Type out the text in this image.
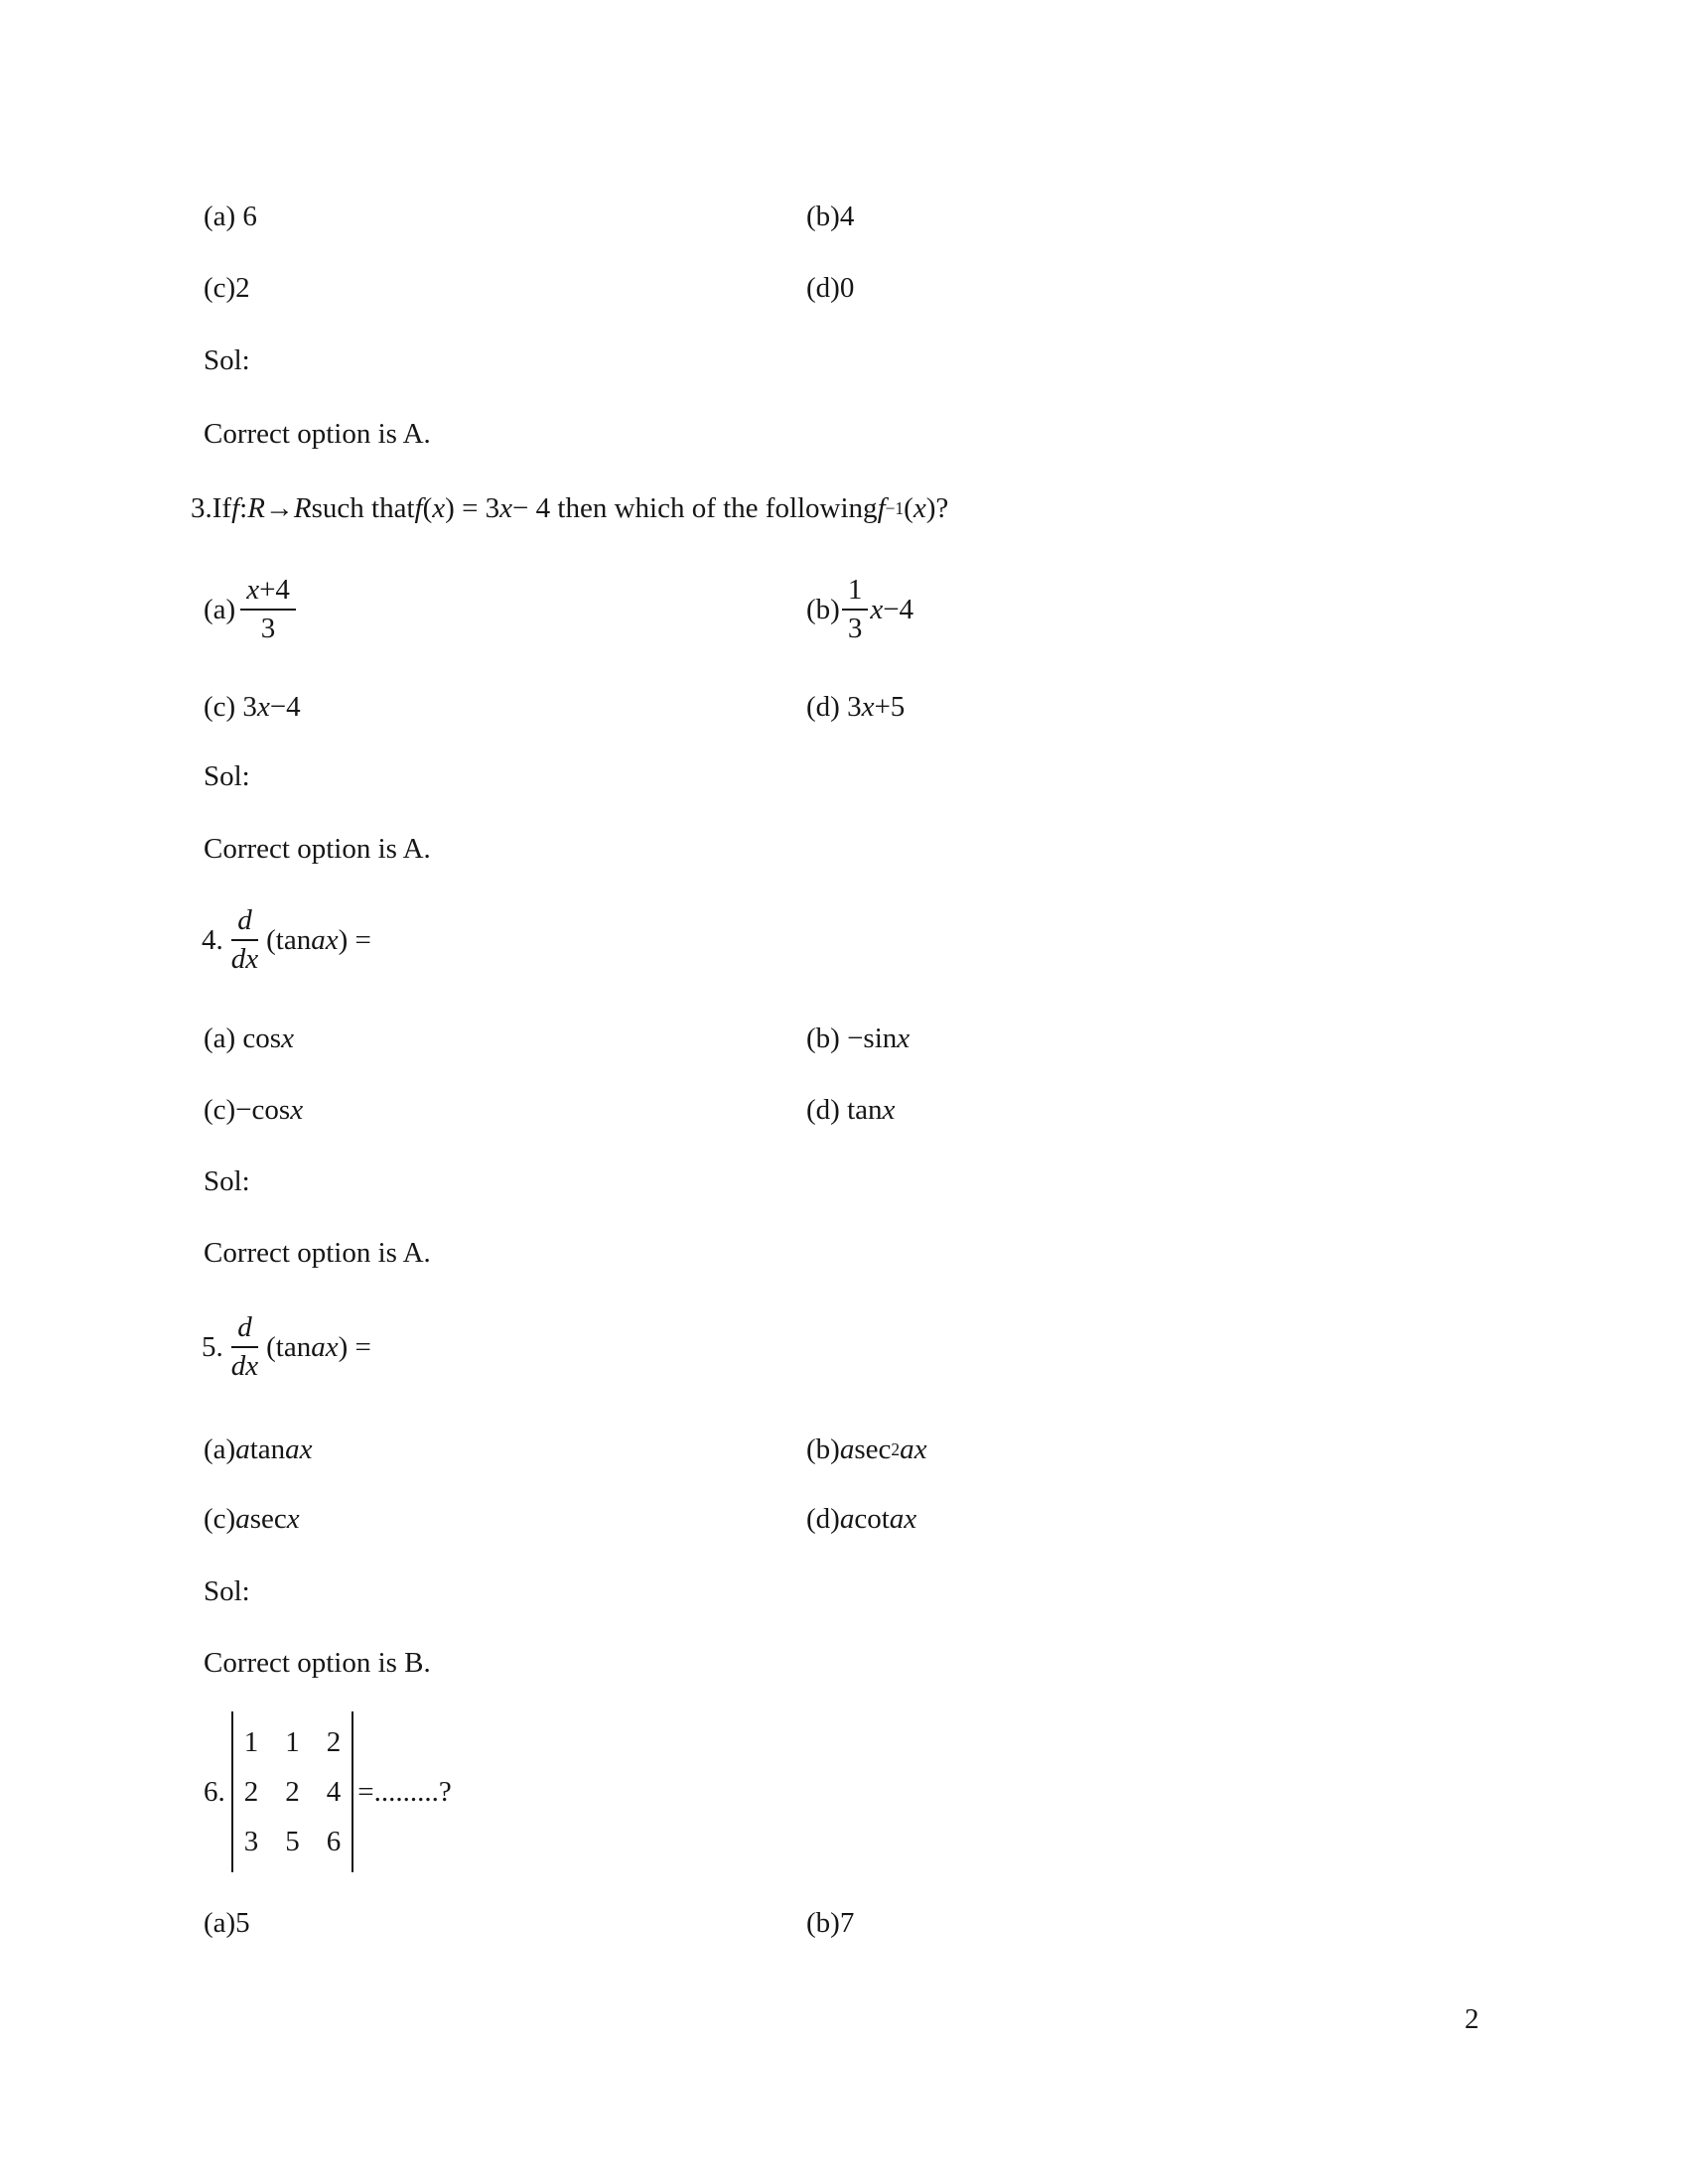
(a) 6	(b)4
(c)2	(d)0
Sol:
Correct option is A.
3.If f : R → R such that f ( x ) = 3 x − 4 then which of the following f −1 ( x )?
$(a) \frac{x+4}{3}$	$(b) \frac{1}{3}$ x −4
(c) 3 x −4	(d) 3 x +5
Sol:
Correct option is A.
4. $\frac{d}{dx} (\tan$ ax ) =
(a) cos x	(b) −sin x
(c)−cos x	(d) tan x
Sol:
Correct option is A.
5. $\frac{d}{dx} (\tan$ ax ) =
(a) a tan ax	(b) a sec 2 ax
(c) a sec x	(d) a cot ax
Sol:
Correct option is B.
6.
1 1 2
2 2 4
3 5 6
=.........?
(a)5	(b)7
2
